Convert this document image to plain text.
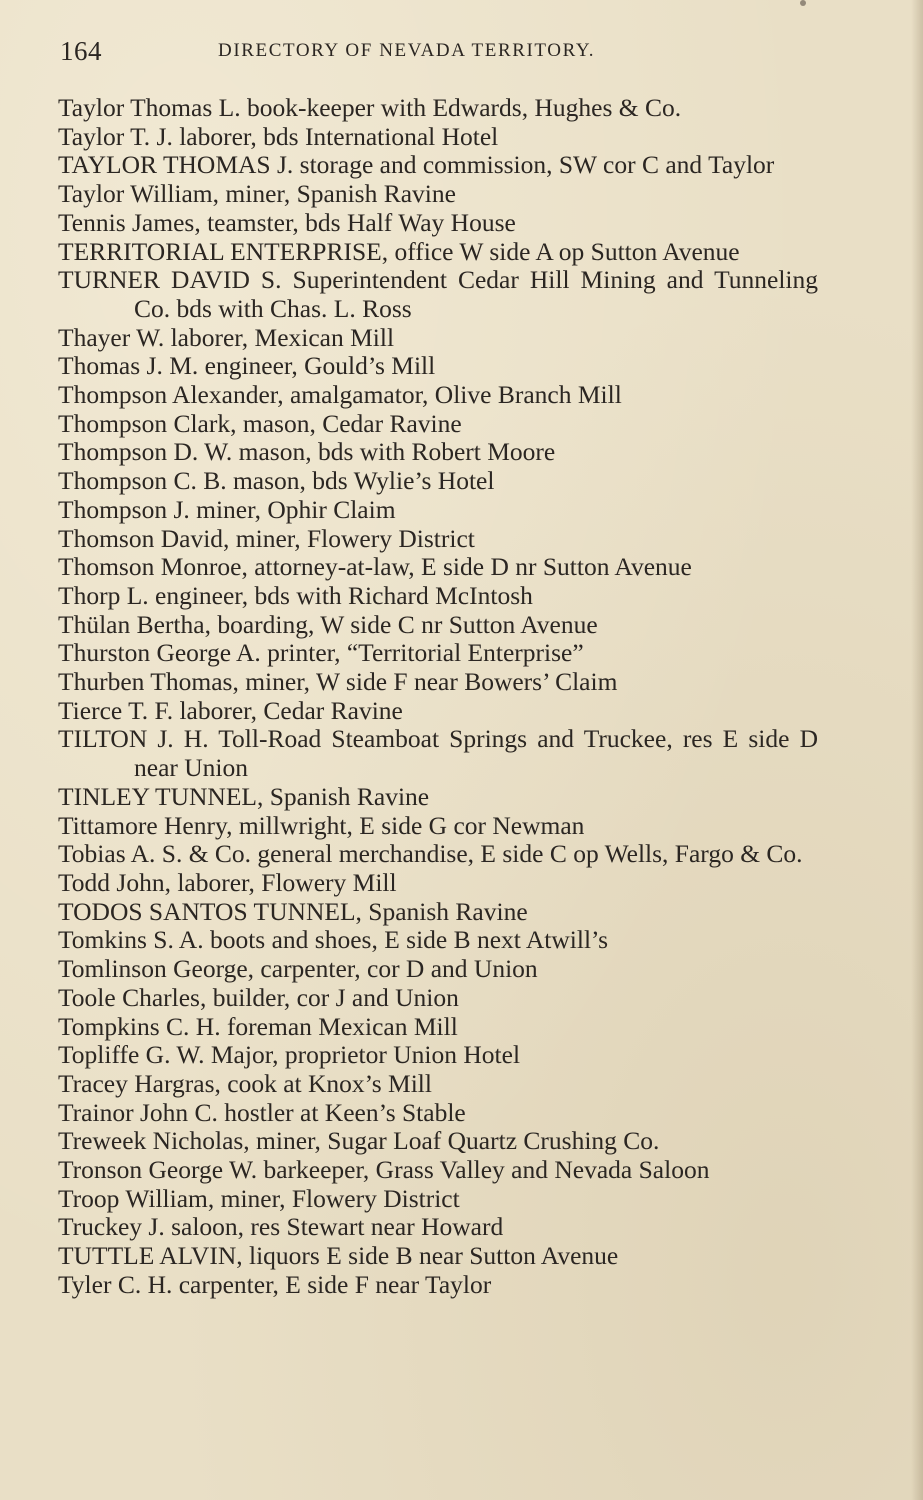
164	DIRECTORY OF NEVADA TERRITORY.
Taylor Thomas L. book-keeper with Edwards, Hughes & Co.
Taylor T. J. laborer, bds International Hotel
TAYLOR THOMAS J. storage and commission, SW cor C and Taylor
Taylor William, miner, Spanish Ravine
Tennis James, teamster, bds Half Way House
TERRITORIAL ENTERPRISE, office W side A op Sutton Avenue
TURNER DAVID S. Superintendent Cedar Hill Mining and Tunneling Co. bds with Chas. L. Ross
Thayer W. laborer, Mexican Mill
Thomas J. M. engineer, Gould’s Mill
Thompson Alexander, amalgamator, Olive Branch Mill
Thompson Clark, mason, Cedar Ravine
Thompson D. W. mason, bds with Robert Moore
Thompson C. B. mason, bds Wylie’s Hotel
Thompson J. miner, Ophir Claim
Thomson David, miner, Flowery District
Thomson Monroe, attorney-at-law, E side D nr Sutton Avenue
Thorp L. engineer, bds with Richard McIntosh
Thülan Bertha, boarding, W side C nr Sutton Avenue
Thurston George A. printer, “Territorial Enterprise”
Thurben Thomas, miner, W side F near Bowers’ Claim
Tierce T. F. laborer, Cedar Ravine
TILTON J. H. Toll-Road Steamboat Springs and Truckee, res E side D near Union
TINLEY TUNNEL, Spanish Ravine
Tittamore Henry, millwright, E side G cor Newman
Tobias A. S. & Co. general merchandise, E side C op Wells, Fargo & Co.
Todd John, laborer, Flowery Mill
TODOS SANTOS TUNNEL, Spanish Ravine
Tomkins S. A. boots and shoes, E side B next Atwill’s
Tomlinson George, carpenter, cor D and Union
Toole Charles, builder, cor J and Union
Tompkins C. H. foreman Mexican Mill
Topliffe G. W. Major, proprietor Union Hotel
Tracey Hargras, cook at Knox’s Mill
Trainor John C. hostler at Keen’s Stable
Treweek Nicholas, miner, Sugar Loaf Quartz Crushing Co.
Tronson George W. barkeeper, Grass Valley and Nevada Saloon
Troop William, miner, Flowery District
Truckey J. saloon, res Stewart near Howard
TUTTLE ALVIN, liquors E side B near Sutton Avenue
Tyler C. H. carpenter, E side F near Taylor
